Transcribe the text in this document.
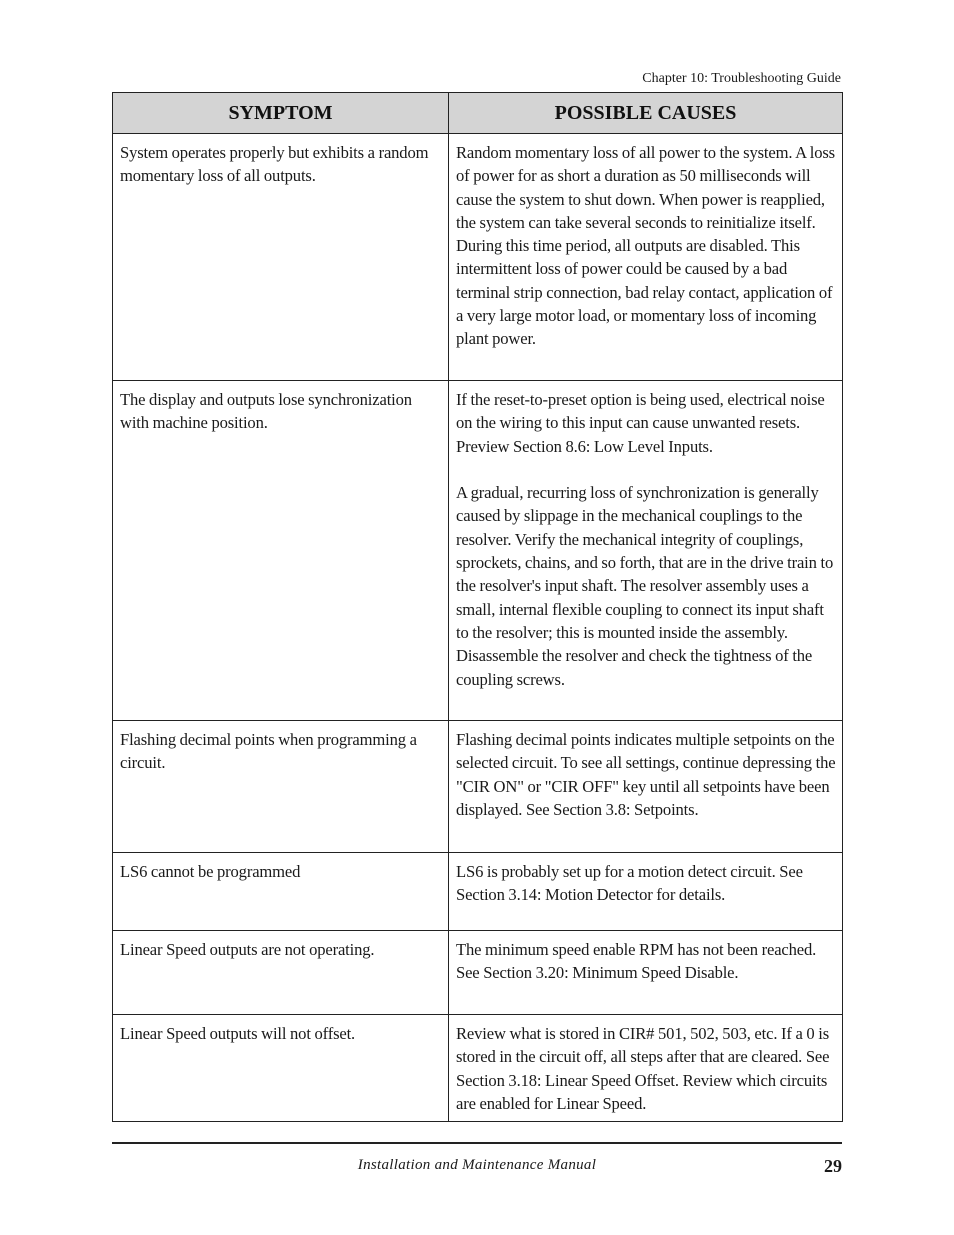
Chapter 10: Troubleshooting Guide
SYMPTOM	POSSIBLE CAUSES

System operates properly but exhibits a random momentary loss of all outputs.	Random momentary loss of all power to the system. A loss of power for as short a duration as 50 milliseconds will cause the system to shut down. When power is reapplied, the system can take several seconds to reinitialize itself. During this time period, all outputs are disabled. This intermittent loss of power could be caused by a bad terminal strip connection, bad relay contact, application of a very large motor load, or momentary loss of incoming plant power.

The display and outputs lose synchronization with machine position.	If the reset-to-preset option is being used, electrical noise on the wiring to this input can cause unwanted resets. Preview Section 8.6: Low Level Inputs.

A gradual, recurring loss of synchronization is generally caused by slippage in the mechanical couplings to the resolver. Verify the mechanical integrity of couplings, sprockets, chains, and so forth, that are in the drive train to the resolver's input shaft. The resolver assembly uses a small, internal flexible coupling to connect its input shaft to the resolver; this is mounted inside the assembly. Disassemble the resolver and check the tightness of the coupling screws.

Flashing decimal points when programming a circuit.	Flashing decimal points indicates multiple setpoints on the selected circuit. To see all settings, continue depressing the "CIR ON" or "CIR OFF" key until all setpoints have been displayed. See Section 3.8: Setpoints.

LS6 cannot be programmed	LS6 is probably set up for a motion detect circuit. See Section 3.14: Motion Detector for details.

Linear Speed outputs are not operating.	The minimum speed enable RPM has not been reached. See Section 3.20: Minimum Speed Disable.

Linear Speed outputs will not offset.	Review what is stored in CIR# 501, 502, 503, etc. If a 0 is stored in the circuit off, all steps after that are cleared. See Section 3.18: Linear Speed Offset. Review which circuits are enabled for Linear Speed.
Installation and Maintenance Manual	29
